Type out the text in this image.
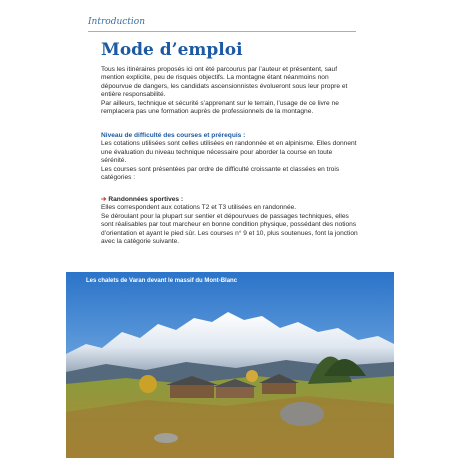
Introduction
Mode d’emploi

Tous les itinéraires proposés ici ont été parcourus par l’auteur et présentent, sauf mention explicite, peu de risques objectifs. La montagne étant néanmoins non dépourvue de dangers, les candidats ascensionnistes évolueront sous leur propre et entière responsabilité.

Par ailleurs, technique et sécurité s’apprenant sur le terrain, l’usage de ce livre ne remplacera pas une formation auprès de professionnels de la montagne.

Niveau de difficulté des courses et prérequis :

Les cotations utilisées sont celles utilisées en randonnée et en alpinisme. Elles donnent une évaluation du niveau technique nécessaire pour aborder la course en toute sérénité.

Les courses sont présentées par ordre de difficulté croissante et classées en trois catégories :

➔ Randonnées sportives :

Elles correspondent aux cotations T2 et T3 utilisées en randonnée.

Se déroulant pour la plupart sur sentier et dépourvues de passages techniques, elles sont réalisables par tout marcheur en bonne condition physique, possédant des notions d’orientation et ayant le pied sûr. Les courses n° 9 et 10, plus soutenues, font la jonction avec la catégorie suivante.

Les chalets de Varan devant le massif du Mont-Blanc
